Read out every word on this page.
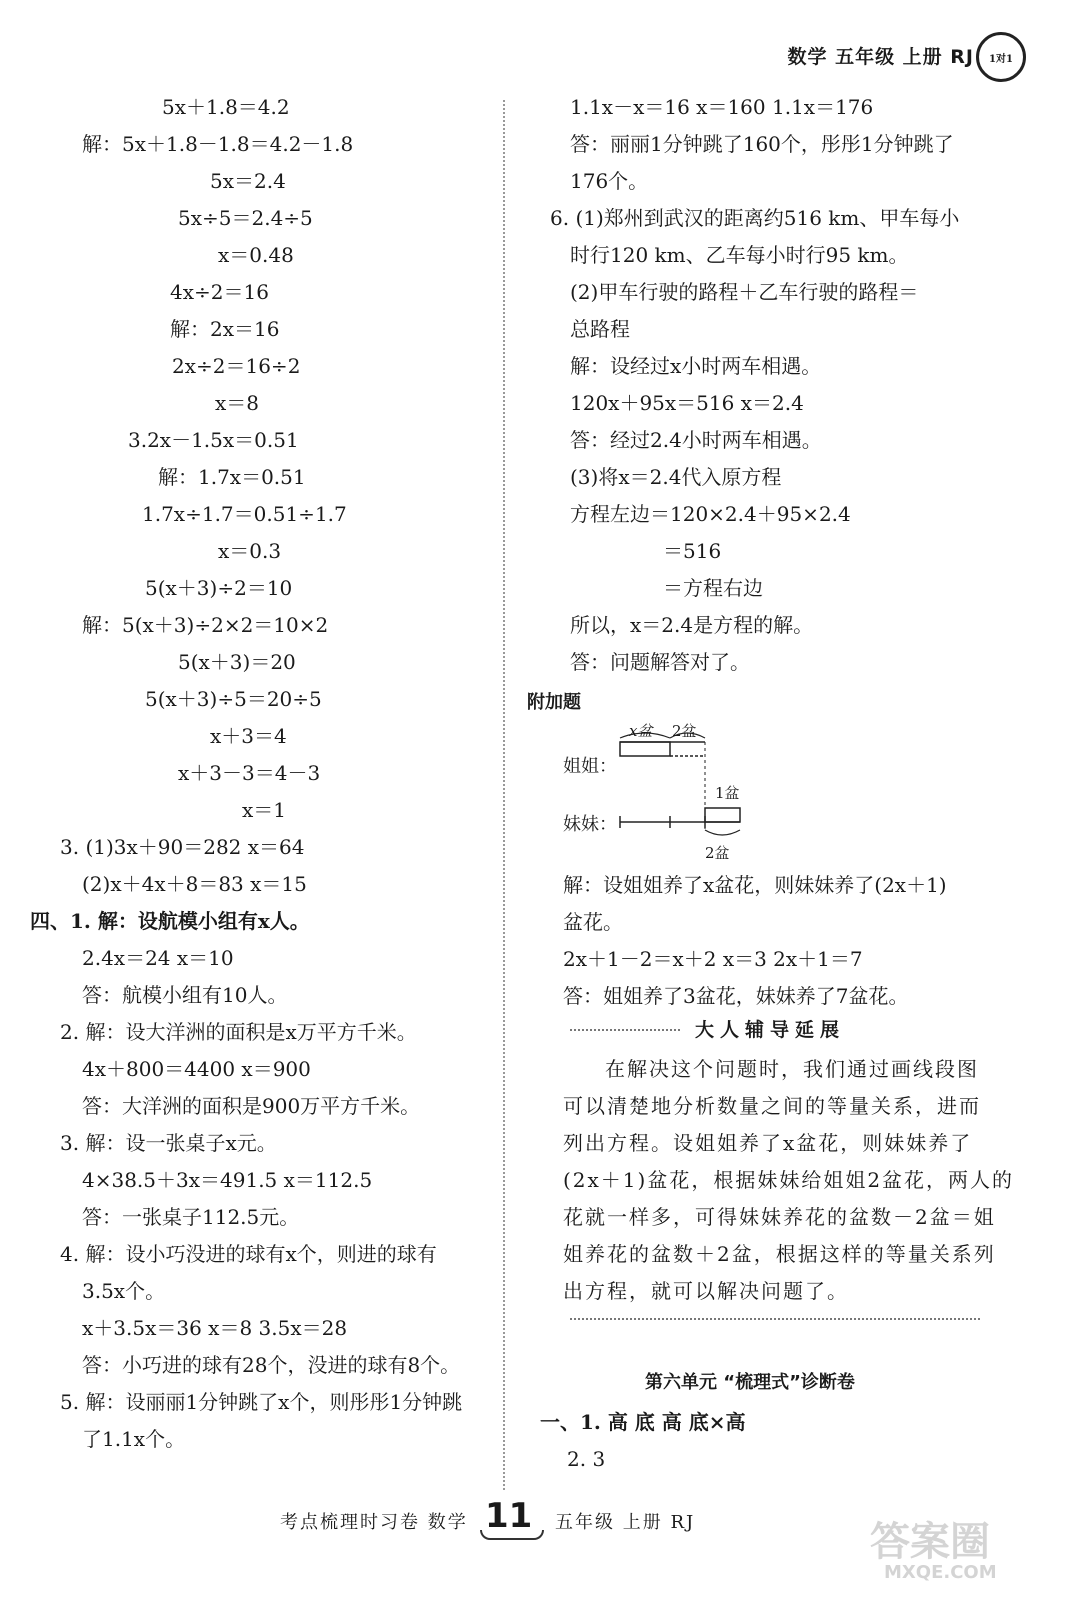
数学 五年级 上册 RJ	1对1
5x＋1.8＝4.2
解：5x＋1.8－1.8＝4.2－1.8
5x＝2.4
5x÷5＝2.4÷5
x＝0.48
4x÷2＝16
解：2x＝16
2x÷2＝16÷2
x＝8
3.2x－1.5x＝0.51
解：1.7x＝0.51
1.7x÷1.7＝0.51÷1.7
x＝0.3
5(x＋3)÷2＝10
解：5(x＋3)÷2×2＝10×2
5(x＋3)＝20
5(x＋3)÷5＝20÷5
x＋3＝4
x＋3－3＝4－3
x＝1
3. (1)3x＋90＝282 x＝64
(2)x＋4x＋8＝83 x＝15
四、1. 解：设航模小组有x人。
2.4x＝24 x＝10
答：航模小组有10人。
2. 解：设大洋洲的面积是x万平方千米。
4x＋800＝4400 x＝900
答：大洋洲的面积是900万平方千米。
3. 解：设一张桌子x元。
4×38.5＋3x＝491.5 x＝112.5
答：一张桌子112.5元。
4. 解：设小巧没进的球有x个，则进的球有
3.5x个。
x＋3.5x＝36 x＝8 3.5x＝28
答：小巧进的球有28个，没进的球有8个。
5. 解：设丽丽1分钟跳了x个，则彤彤1分钟跳
了1.1x个。
1.1x－x＝16 x＝160 1.1x＝176
答：丽丽1分钟跳了160个，彤彤1分钟跳了
176个。
6. (1)郑州到武汉的距离约516 km、甲车每小
时行120 km、乙车每小时行95 km。
(2)甲车行驶的路程＋乙车行驶的路程＝
总路程
解：设经过x小时两车相遇。
120x＋95x＝516 x＝2.4
答：经过2.4小时两车相遇。
(3)将x＝2.4代入原方程
方程左边＝120×2.4＋95×2.4
＝516
＝方程右边
所以，x＝2.4是方程的解。
答：问题解答对了。
附加题
姐姐：
妹妹：
x盆 2盆
1盆
2盆
解：设姐姐养了x盆花，则妹妹养了(2x＋1)
盆花。
2x＋1－2＝x＋2 x＝3 2x＋1＝7
答：姐姐养了3盆花，妹妹养了7盆花。
大人辅导延展
在解决这个问题时，我们通过画线段图
可以清楚地分析数量之间的等量关系，进而
列出方程。设姐姐养了x盆花，则妹妹养了
(2x＋1)盆花，根据妹妹给姐姐2盆花，两人的
花就一样多，可得妹妹养花的盆数－2盆＝姐
姐养花的盆数＋2盆，根据这样的等量关系列
出方程，就可以解决问题了。
第六单元 “梳理式”诊断卷
一、1. 高 底 高 底×高
2. 3
考点梳理时习卷 数学 11 五年级 上册 RJ	答案圈
MXQE.COM
